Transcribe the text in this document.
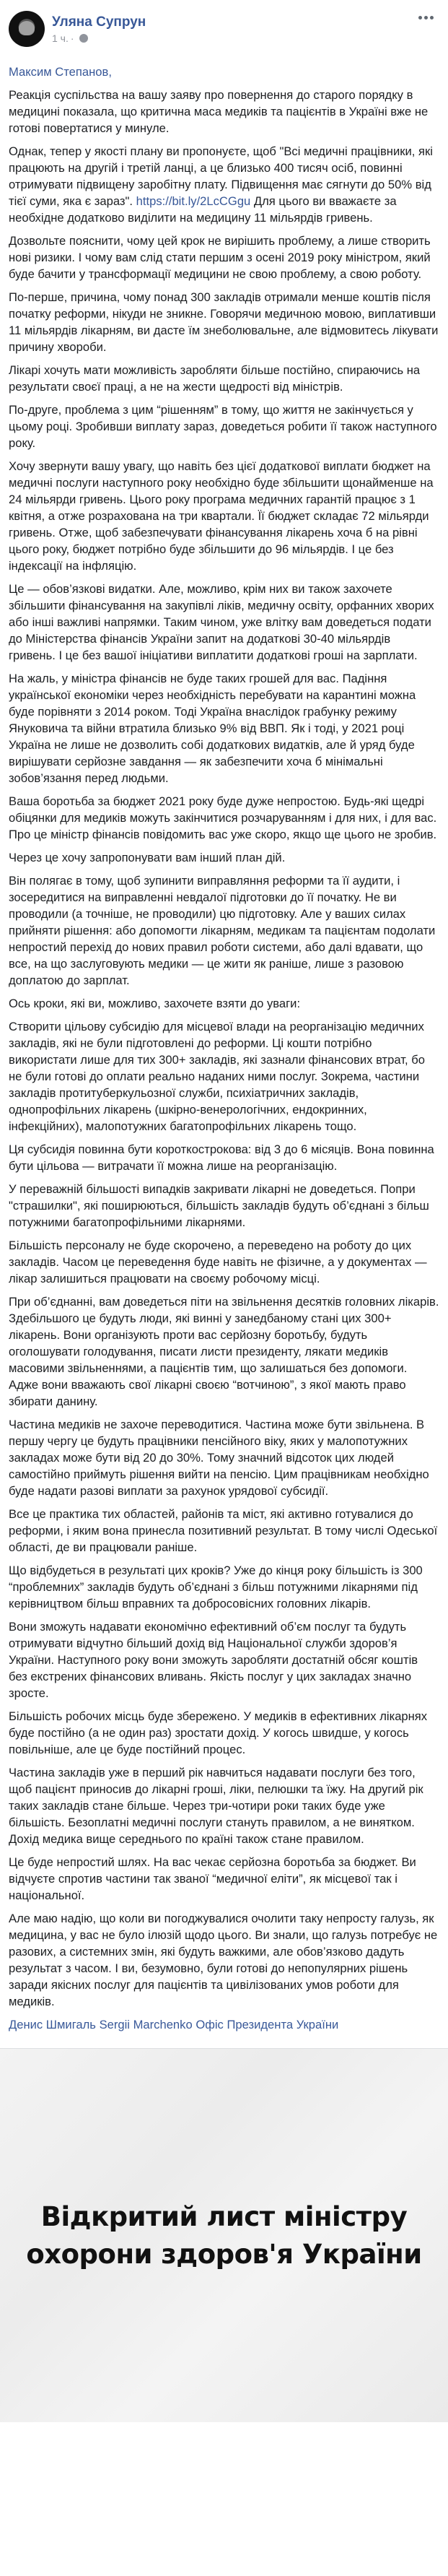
Уляна Супрун
1 ч. ·

Максим Степанов,

Реакція суспільства на вашу заяву про повернення до старого порядку в медицині показала, що критична маса медиків та пацієнтів в Україні вже не готові повертатися у минуле.

Однак, тепер у якості плану ви пропонуєте, щоб "Всі медичні працівники, які працюють на другій і третій ланці, а це близько 400 тисяч осіб, повинні отримувати підвищену заробітну плату. Підвищення має сягнути до 50% від тієї суми, яка є зараз". https://bit.ly/2LcCGgu Для цього ви вважаєте за необхідне додатково виділити на медицину 11 мільярдів гривень.

Дозвольте пояснити, чому цей крок не вирішить проблему, а лише створить нові ризики. І чому вам слід стати першим з осені 2019 року міністром, який буде бачити у трансформації медицини не свою проблему, а свою роботу.

По-перше, причина, чому понад 300 закладів отримали менше коштів після початку реформи, нікуди не зникне. Говорячи медичною мовою, виплативши 11 мільярдів лікарням, ви дасте їм знеболювальне, але відмовитесь лікувати причину хвороби.

Лікарі хочуть мати можливість заробляти більше постійно, спираючись на результати своєї праці, а не на жести щедрості від міністрів.

По-друге, проблема з цим “рішенням” в тому, що життя не закінчується у цьому році. Зробивши виплату зараз, доведеться робити її також наступного року.

Хочу звернути вашу увагу, що навіть без цієї додаткової виплати бюджет на медичні послуги наступного року необхідно буде збільшити щонайменше на 24 мільярди гривень. Цього року програма медичних гарантій працює з 1 квітня, а отже розрахована на три квартали. Її бюджет складає 72 мільярди гривень. Отже, щоб забезпечувати фінансування лікарень хоча б на рівні цього року, бюджет потрібно буде збільшити до 96 мільярдів. І це без індексації на інфляцію.

Це — обов’язкові видатки. Але, можливо, крім них ви також захочете збільшити фінансування на закупівлі ліків, медичну освіту, орфанних хворих або інші важливі напрямки. Таким чином, уже влітку вам доведеться подати до Міністерства фінансів України запит на додаткові 30-40 мільярдів гривень. І це без вашої ініціативи виплатити додаткові гроші на зарплати.

На жаль, у міністра фінансів не буде таких грошей для вас. Падіння української економіки через необхідність перебувати на карантині можна буде порівняти з 2014 роком. Тоді Україна внаслідок грабунку режиму Януковича та війни втратила близько 9% від ВВП. Як і тоді, у 2021 році Україна не лише не дозволить собі додаткових видатків, але й уряд буде вирішувати серйозне завдання — як забезпечити хоча б мінімальні зобов’язання перед людьми.

Ваша боротьба за бюджет 2021 року буде дуже непростою. Будь-які щедрі обіцянки для медиків можуть закінчитися розчаруванням і для них, і для вас. Про це міністр фінансів повідомить вас уже скоро, якщо ще цього не зробив.

Через це хочу запропонувати вам інший план дій.

Він полягає в тому, щоб зупинити виправляння реформи та її аудити, і зосередитися на виправленні невдалої підготовки до її початку. Не ви проводили (а точніше, не проводили) цю підготовку. Але у ваших силах прийняти рішення: або допомогти лікарням, медикам та пацієнтам подолати непростий перехід до нових правил роботи системи, або далі вдавати, що все, на що заслуговують медики — це жити як раніше, лише з разовою доплатою до зарплат.

Ось кроки, які ви, можливо, захочете взяти до уваги:

Створити цільову субсидію для місцевої влади на реорганізацію медичних закладів, які не були підготовлені до реформи. Ці кошти потрібно використати лише для тих 300+ закладів, які зазнали фінансових втрат, бо не були готові до оплати реально наданих ними послуг. Зокрема, частини закладів протитуберкульозної служби, психіатричних закладів, однопрофільних лікарень (шкірно-венерологічних, ендокринних, інфекційних), малопотужних багатопрофільних лікарень тощо.

Ця субсидія повинна бути короткострокова: від 3 до 6 місяців. Вона повинна бути цільова — витрачати її можна лише на реорганізацію.

У переважній більшості випадків закривати лікарні не доведеться. Попри "страшилки", які поширюються, більшість закладів будуть об’єднані з більш потужними багатопрофільними лікарнями.

Більшість персоналу не буде скорочено, а переведено на роботу до цих закладів. Часом це переведення буде навіть не фізичне, а у документах — лікар залишиться працювати на своєму робочому місці.

При об’єднанні, вам доведеться піти на звільнення десятків головних лікарів. Здебільшого це будуть люди, які винні у занедбаному стані цих 300+ лікарень. Вони організують проти вас серйозну боротьбу, будуть оголошувати голодування, писати листи президенту, лякати медиків масовими звільненнями, а пацієнтів тим, що залишаться без допомоги. Адже вони вважають свої лікарні своєю “вотчиною”, з якої мають право збирати данину.

Частина медиків не захоче переводитися. Частина може бути звільнена. В першу чергу це будуть працівники пенсійного віку, яких у малопотужних закладах може бути від 20 до 30%. Тому значний відсоток цих людей самостійно приймуть рішення вийти на пенсію. Цим працівникам необхідно буде надати разові виплати за рахунок урядової субсидії.

Все це практика тих областей, районів та міст, які активно готувалися до реформи, і яким вона принесла позитивний результат. В тому числі Одеської області, де ви працювали раніше.

Що відбудеться в результаті цих кроків? Уже до кінця року більшість із 300 “проблемних” закладів будуть об’єднані з більш потужними лікарнями під керівництвом більш вправних та добросовісних головних лікарів.

Вони зможуть надавати економічно ефективний об’єм послуг та будуть отримувати відчутно більший дохід від Національної служби здоров’я України. Наступного року вони зможуть заробляти достатній обсяг коштів без екстрених фінансових вливань. Якість послуг у цих закладах значно зросте.

Більшість робочих місць буде збережено. У медиків в ефективних лікарнях буде постійно (а не один раз) зростати дохід. У когось швидше, у когось повільніше, але це буде постійний процес.

Частина закладів уже в перший рік навчиться надавати послуги без того, щоб пацієнт приносив до лікарні гроші, ліки, пелюшки та їжу. На другий рік таких закладів стане більше. Через три-чотири роки таких буде уже більшість. Безоплатні медичні послуги стануть правилом, а не винятком. Дохід медика вище середнього по країні також стане правилом.

Це буде непростий шлях. На вас чекає серйозна боротьба за бюджет. Ви відчуєте спротив частини так званої “медичної еліти”, як місцевої так і національної.

Але маю надію, що коли ви погоджувалися очолити таку непросту галузь, як медицина, у вас не було ілюзій щодо цього. Ви знали, що галузь потребує не разових, а системних змін, які будуть важкими, але обов’язково дадуть результат з часом. І ви, безумовно, були готові до непопулярних рішень заради якісних послуг для пацієнтів та цивілізованих умов роботи для медиків.

Денис Шмигаль Sergii Marchenko Офіс Президента України

Відкритий лист міністру
охорони здоров'я України
